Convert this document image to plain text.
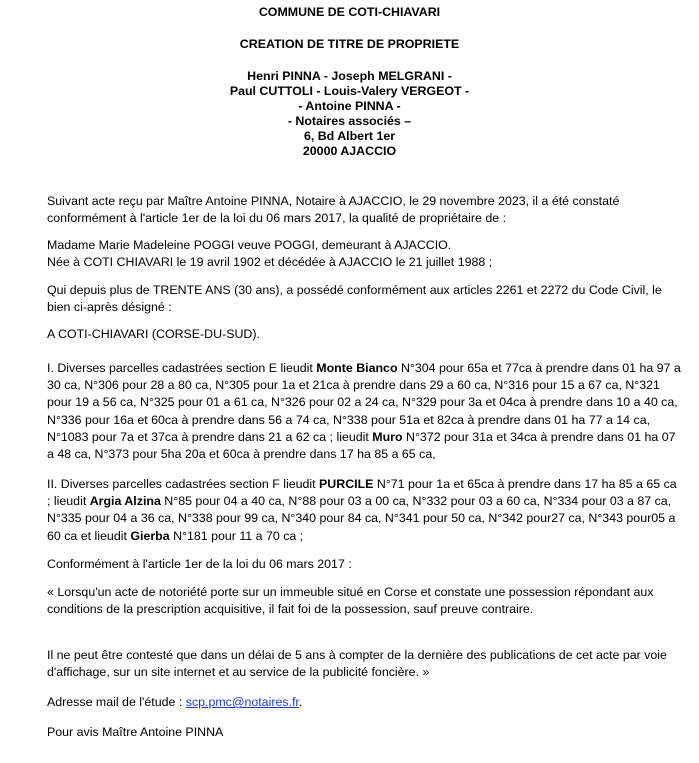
COMMUNE DE COTI-CHIAVARI

CREATION DE TITRE DE PROPRIETE

Henri PINNA - Joseph MELGRANI -

Paul CUTTOLI - Louis-Valery VERGEOT -

- Antoine PINNA -

- Notaires associés –

6, Bd Albert 1er

20000 AJACCIO

Suivant acte reçu par Maître Antoine PINNA, Notaire à AJACCIO, le 29 novembre 2023, il a été constaté conformément à l'article 1er de la loi du 06 mars 2017, la qualité de propriétaire de :

Madame Marie Madeleine POGGI veuve POGGI, demeurant à AJACCIO.
Née à COTI CHIAVARI le 19 avril 1902 et décédée à AJACCIO le 21 juillet 1988 ;

Qui depuis plus de TRENTE ANS (30 ans), a possédé conformément aux articles 2261 et 2272 du Code Civil, le bien ci-après désigné :

A COTI-CHIAVARI (CORSE-DU-SUD).

I. Diverses parcelles cadastrées section E lieudit Monte Bianco N°304 pour 65a et 77ca à prendre dans 01 ha 97 a 30 ca, N°306 pour 28 a 80 ca, N°305 pour 1a et 21ca à prendre dans 29 a 60 ca, N°316 pour 15 a 67 ca, N°321 pour 19 a 56 ca, N°325 pour 01 a 61 ca, N°326 pour 02 a 24 ca, N°329 pour 3a et 04ca à prendre dans 10 a 40 ca, N°336 pour 16a et 60ca à prendre dans 56 a 74 ca, N°338 pour 51a et 82ca à prendre dans 01 ha 77 a 14 ca, N°1083 pour 7a et 37ca à prendre dans 21 a 62 ca ; lieudit Muro N°372 pour 31a et 34ca à prendre dans 01 ha 07 a 48 ca, N°373 pour 5ha 20a et 60ca à prendre dans 17 ha 85 a 65 ca,

II. Diverses parcelles cadastrées section F lieudit PURCILE N°71 pour 1a et 65ca à prendre dans 17 ha 85 a 65 ca ; lieudit Argia Alzina N°85 pour 04 a 40 ca, N°88 pour 03 a 00 ca, N°332 pour 03 a 60 ca, N°334 pour 03 a 87 ca, N°335 pour 04 a 36 ca, N°338 pour 99 ca, N°340 pour 84 ca, N°341 pour 50 ca, N°342 pour27 ca, N°343 pour05 a 60 ca et lieudit Gierba N°181 pour 11 a 70 ca ;

Conformément à l'article 1er de la loi du 06 mars 2017 :

« Lorsqu'un acte de notoriété porte sur un immeuble situé en Corse et constate une possession répondant aux conditions de la prescription acquisitive, il fait foi de la possession, sauf preuve contraire.

Il ne peut être contesté que dans un délai de 5 ans à compter de la dernière des publications de cet acte par voie d'affichage, sur un site internet et au service de la publicité foncière. »

Adresse mail de l'étude : scp.pmc@notaires.fr.

Pour avis Maître Antoine PINNA
